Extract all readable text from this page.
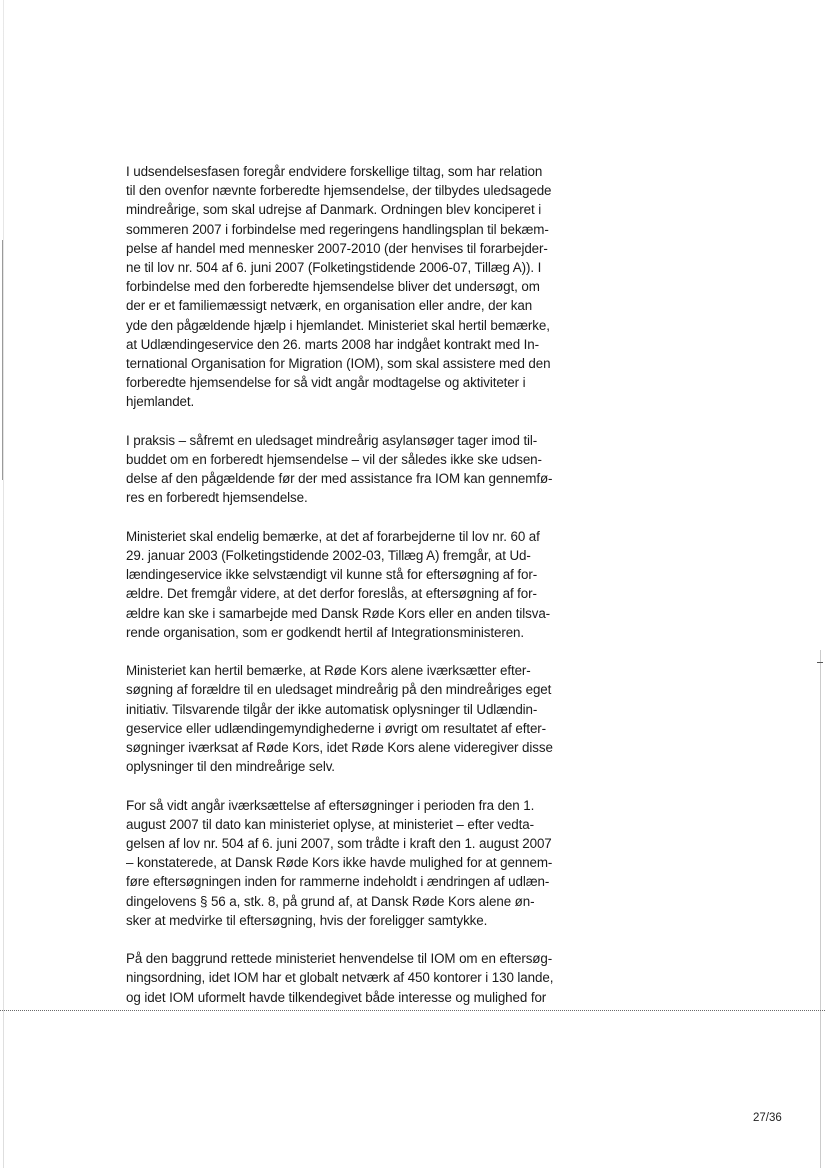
I udsendelsesfasen foregår endvidere forskellige tiltag, som har relation
til den ovenfor nævnte forberedte hjemsendelse, der tilbydes uledsagede
mindreårige, som skal udrejse af Danmark. Ordningen blev konciperet i
sommeren 2007 i forbindelse med regeringens handlingsplan til bekæm-
pelse af handel med mennesker 2007-2010 (der henvises til forarbejder-
ne til lov nr. 504 af 6. juni 2007 (Folketingstidende 2006-07, Tillæg A)). I
forbindelse med den forberedte hjemsendelse bliver det undersøgt, om
der er et familiemæssigt netværk, en organisation eller andre, der kan
yde den pågældende hjælp i hjemlandet. Ministeriet skal hertil bemærke,
at Udlændingeservice den 26. marts 2008 har indgået kontrakt med In-
ternational Organisation for Migration (IOM), som skal assistere med den
forberedte hjemsendelse for så vidt angår modtagelse og aktiviteter i
hjemlandet.

I praksis – såfremt en uledsaget mindreårig asylansøger tager imod til-
buddet om en forberedt hjemsendelse – vil der således ikke ske udsen-
delse af den pågældende før der med assistance fra IOM kan gennemfø-
res en forberedt hjemsendelse.

Ministeriet skal endelig bemærke, at det af forarbejderne til lov nr. 60 af
29. januar 2003 (Folketingstidende 2002-03, Tillæg A) fremgår, at Ud-
lændingeservice ikke selvstændigt vil kunne stå for eftersøgning af for-
ældre. Det fremgår videre, at det derfor foreslås, at eftersøgning af for-
ældre kan ske i samarbejde med Dansk Røde Kors eller en anden tilsva-
rende organisation, som er godkendt hertil af Integrationsministeren.

Ministeriet kan hertil bemærke, at Røde Kors alene iværksætter efter-
søgning af forældre til en uledsaget mindreårig på den mindreåriges eget
initiativ. Tilsvarende tilgår der ikke automatisk oplysninger til Udlændin-
geservice eller udlændingemyndighederne i øvrigt om resultatet af efter-
søgninger iværksat af Røde Kors, idet Røde Kors alene videregiver disse
oplysninger til den mindreårige selv.

For så vidt angår iværksættelse af eftersøgninger i perioden fra den 1.
august 2007 til dato kan ministeriet oplyse, at ministeriet – efter vedta-
gelsen af lov nr. 504 af 6. juni 2007, som trådte i kraft den 1. august 2007
– konstaterede, at Dansk Røde Kors ikke havde mulighed for at gennem-
føre eftersøgningen inden for rammerne indeholdt i ændringen af udlæn-
dingelovens § 56 a, stk. 8, på grund af, at Dansk Røde Kors alene øn-
sker at medvirke til eftersøgning, hvis der foreligger samtykke.

På den baggrund rettede ministeriet henvendelse til IOM om en eftersøg-
ningsordning, idet IOM har et globalt netværk af 450 kontorer i 130 lande,
og idet IOM uformelt havde tilkendegivet både interesse og mulighed for

27/36
